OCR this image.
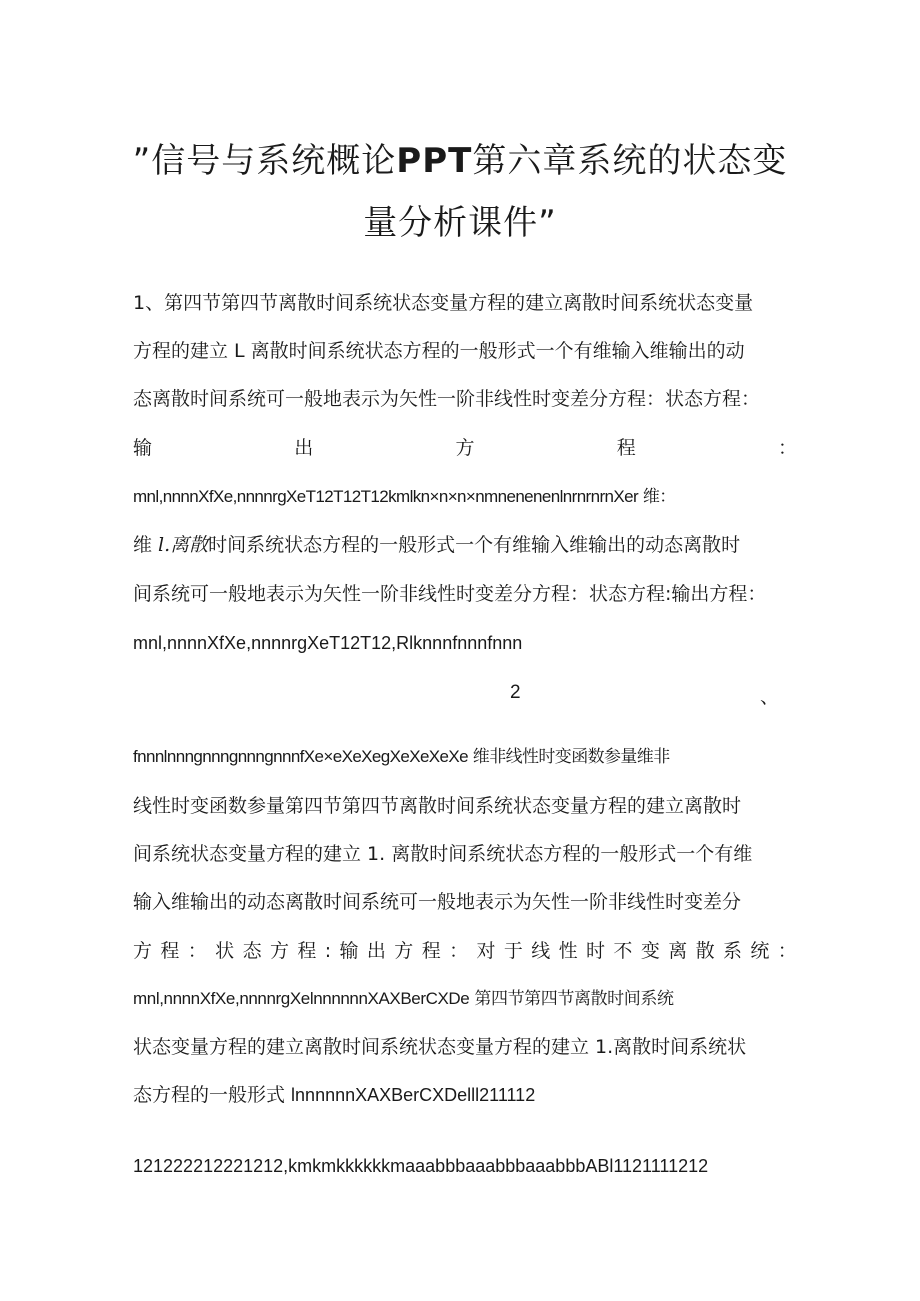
”信号与系统概论PPT第六章系统的状态变
量分析课件”
1、第四节第四节离散时间系统状态变量方程的建立离散时间系统状态变量
方程的建立 L 离散时间系统状态方程的一般形式一个有维输入维输出的动
态离散时间系统可一般地表示为矢性一阶非线性时变差分方程：状态方程：
输	出	方	程	：
mnl,nnnnXfXe,nnnnrgXeT12T12T12kmlkn×n×n×nmnenenenlnrnrnrnXer 维：
维 l.离散时间系统状态方程的一般形式一个有维输入维输出的动态离散时
间系统可一般地表示为矢性一阶非线性时变差分方程：状态方程:输出方程：
mnl,nnnnXfXe,nnnnrgXeT12T12,Rlknnnfnnnfnnn
2	、
fnnnlnnngnnngnnngnnnfXe×eXeXegXeXeXeXe 维非线性时变函数参量维非
线性时变函数参量第四节第四节离散时间系统状态变量方程的建立离散时
间系统状态变量方程的建立 1. 离散时间系统状态方程的一般形式一个有维
输入维输出的动态离散时间系统可一般地表示为矢性一阶非线性时变差分
方 程 ： 状 态 方 程 : 输 出 方 程 ： 对 于 线 性 时 不 变 离 散 系 统 ：
mnl,nnnnXfXe,nnnnrgXelnnnnnnXAXBerCXDe 第四节第四节离散时间系统
状态变量方程的建立离散时间系统状态变量方程的建立 1.离散时间系统状
态方程的一般形式 lnnnnnnXAXBerCXDelll211112
121222212221212,kmkmkkkkkkmaaabbbaaabbbaaabbbABl1121111212
